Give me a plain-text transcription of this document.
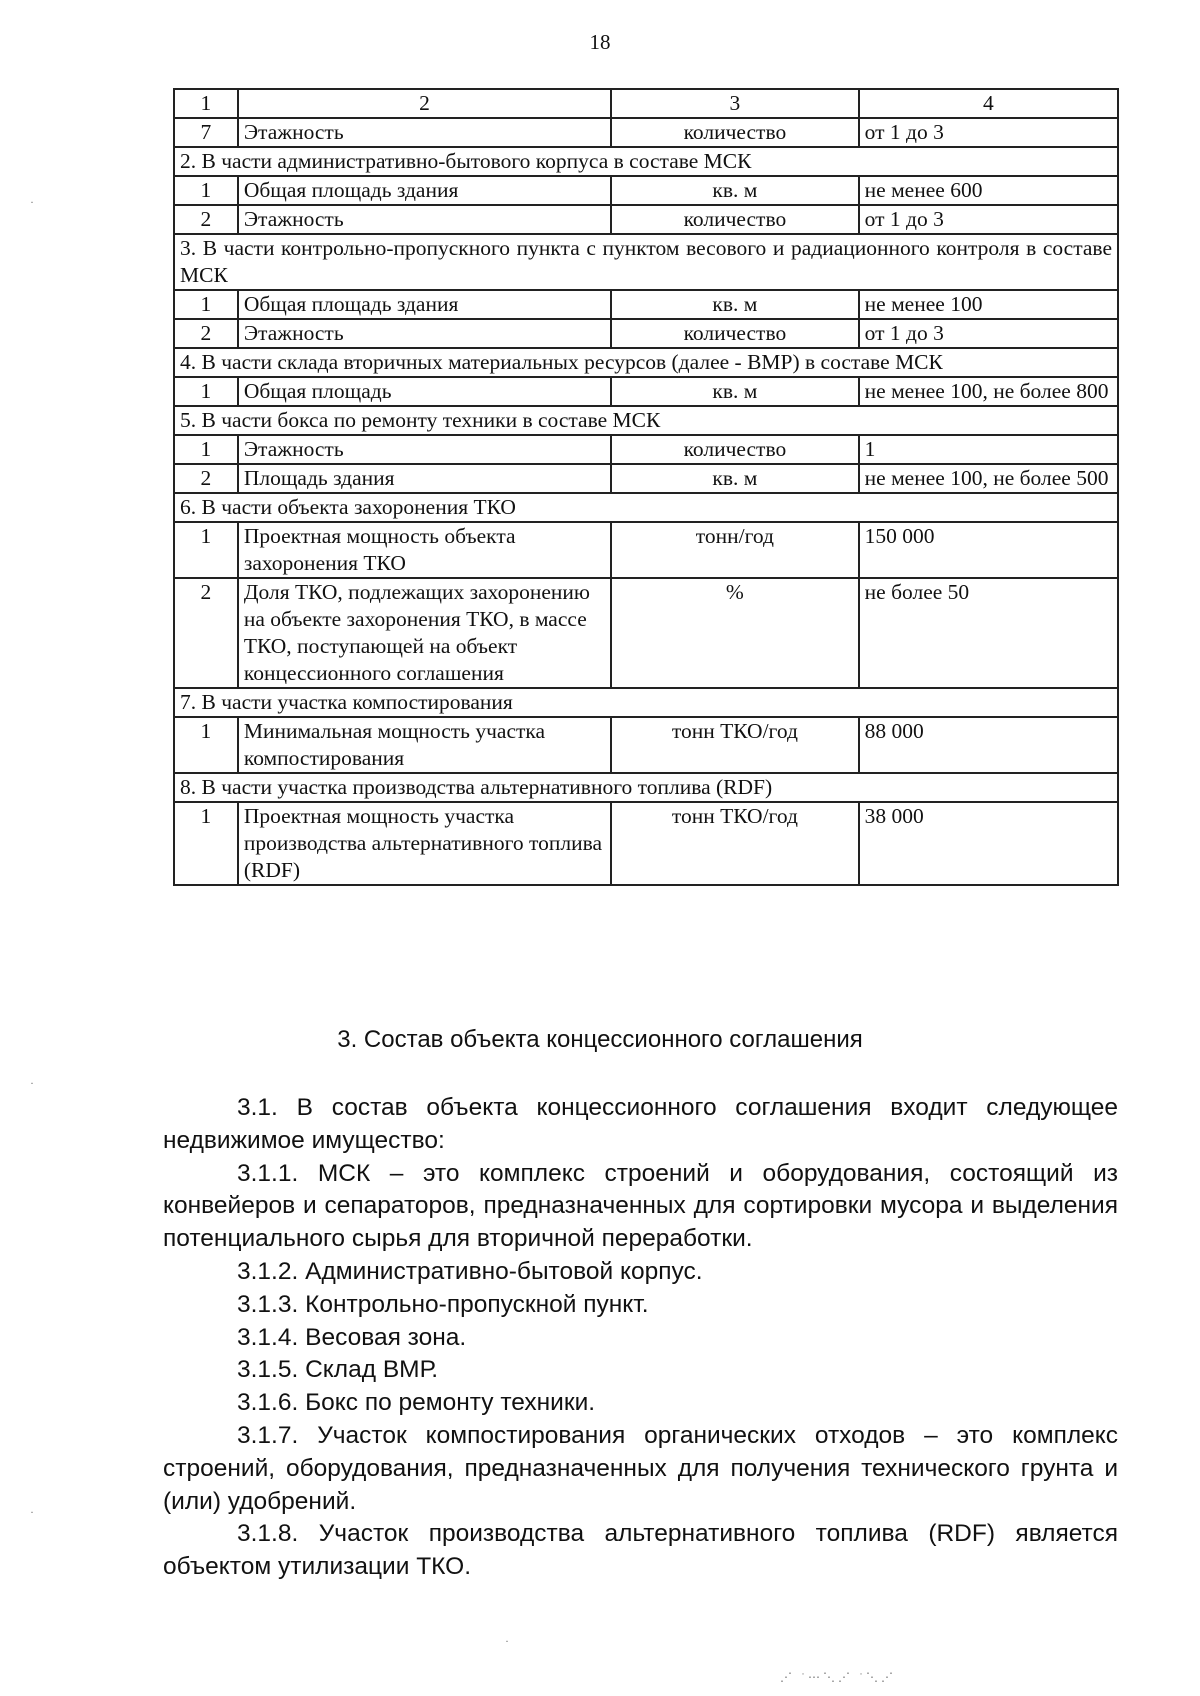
18
1	2	3	4
7	Этажность	количество	от 1 до 3
2. В части административно-бытового корпуса в составе МСК			
1	Общая площадь здания	кв. м	не менее 600
2	Этажность	количество	от 1 до 3
3. В части контрольно-пропускного пункта с пунктом весового и радиационного контроля в составе МСК			
1	Общая площадь здания	кв. м	не менее 100
2	Этажность	количество	от 1 до 3
4. В части склада вторичных материальных ресурсов (далее - ВМР) в составе МСК			
1	Общая площадь	кв. м	не менее 100, не более 800
5. В части бокса по ремонту техники в составе МСК			
1	Этажность	количество	1
2	Площадь здания	кв. м	не менее 100, не более 500
6. В части объекта захоронения ТКО			
1	Проектная мощность объекта захоронения ТКО	тонн/год	150 000
2	Доля ТКО, подлежащих захоронению на объекте захоронения ТКО, в массе ТКО, поступающей на объект концессионного соглашения	%	не более 50
7. В части участка компостирования			
1	Минимальная мощность участка компостирования	тонн ТКО/год	88 000
8. В части участка производства альтернативного топлива (RDF)			
1	Проектная мощность участка производства альтернативного топлива (RDF)	тонн ТКО/год	38 000
3. Состав объекта концессионного соглашения

3.1. В состав объекта концессионного соглашения входит следующее недвижимое имущество:

3.1.1. МСК – это комплекс строений и оборудования, состоящий из конвейеров и сепараторов, предназначенных для сортировки мусора и выделения потенциального сырья для вторичной переработки.

3.1.2. Административно-бытовой корпус.

3.1.3. Контрольно-пропускной пункт.

3.1.4. Весовая зона.

3.1.5. Склад ВМР.

3.1.6. Бокс по ремонту техники.

3.1.7. Участок компостирования органических отходов – это комплекс строений, оборудования, предназначенных для получения технического грунта и (или) удобрений.

3.1.8. Участок производства альтернативного топлива (RDF) является объектом утилизации ТКО.

·
·
·
·
⋰ ˙⋯⋱⋰ ˙⋱⋰
